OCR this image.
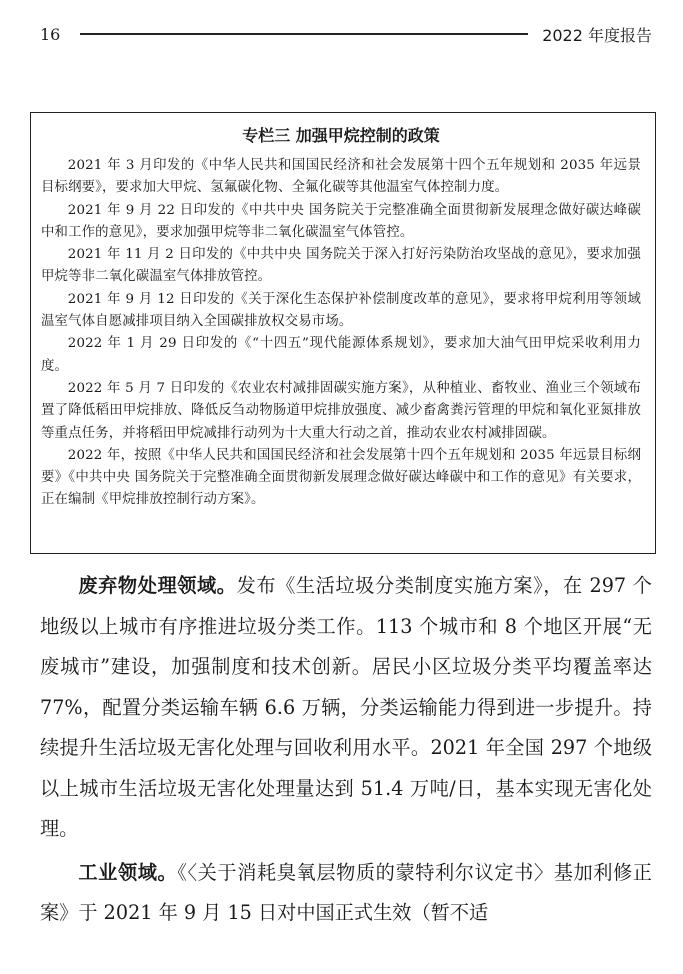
16	2022 年度报告
专栏三 加强甲烷控制的政策

2021 年 3 月印发的《中华人民共和国国民经济和社会发展第十四个五年规划和 2035 年远景目标纲要》，要求加大甲烷、氢氟碳化物、全氟化碳等其他温室气体控制力度。

2021 年 9 月 22 日印发的《中共中央 国务院关于完整准确全面贯彻新发展理念做好碳达峰碳中和工作的意见》，要求加强甲烷等非二氧化碳温室气体管控。

2021 年 11 月 2 日印发的《中共中央 国务院关于深入打好污染防治攻坚战的意见》，要求加强甲烷等非二氧化碳温室气体排放管控。

2021 年 9 月 12 日印发的《关于深化生态保护补偿制度改革的意见》，要求将甲烷利用等领域温室气体自愿减排项目纳入全国碳排放权交易市场。

2022 年 1 月 29 日印发的《“十四五”现代能源体系规划》，要求加大油气田甲烷采收利用力度。

2022 年 5 月 7 日印发的《农业农村减排固碳实施方案》，从种植业、畜牧业、渔业三个领域布置了降低稻田甲烷排放、降低反刍动物肠道甲烷排放强度、减少畜禽粪污管理的甲烷和氧化亚氮排放等重点任务，并将稻田甲烷减排行动列为十大重大行动之首，推动农业农村减排固碳。

2022 年，按照《中华人民共和国国民经济和社会发展第十四个五年规划和 2035 年远景目标纲要》《中共中央 国务院关于完整准确全面贯彻新发展理念做好碳达峰碳中和工作的意见》有关要求，正在编制《甲烷排放控制行动方案》。

废弃物处理领域。发布《生活垃圾分类制度实施方案》，在 297 个地级以上城市有序推进垃圾分类工作。113 个城市和 8 个地区开展“无废城市”建设，加强制度和技术创新。居民小区垃圾分类平均覆盖率达 77%，配置分类运输车辆 6.6 万辆，分类运输能力得到进一步提升。持续提升生活垃圾无害化处理与回收利用水平。2021 年全国 297 个地级以上城市生活垃圾无害化处理量达到 51.4 万吨/日，基本实现无害化处理。

工业领域。《〈关于消耗臭氧层物质的蒙特利尔议定书〉基加利修正案》于 2021 年 9 月 15 日对中国正式生效（暂不适
